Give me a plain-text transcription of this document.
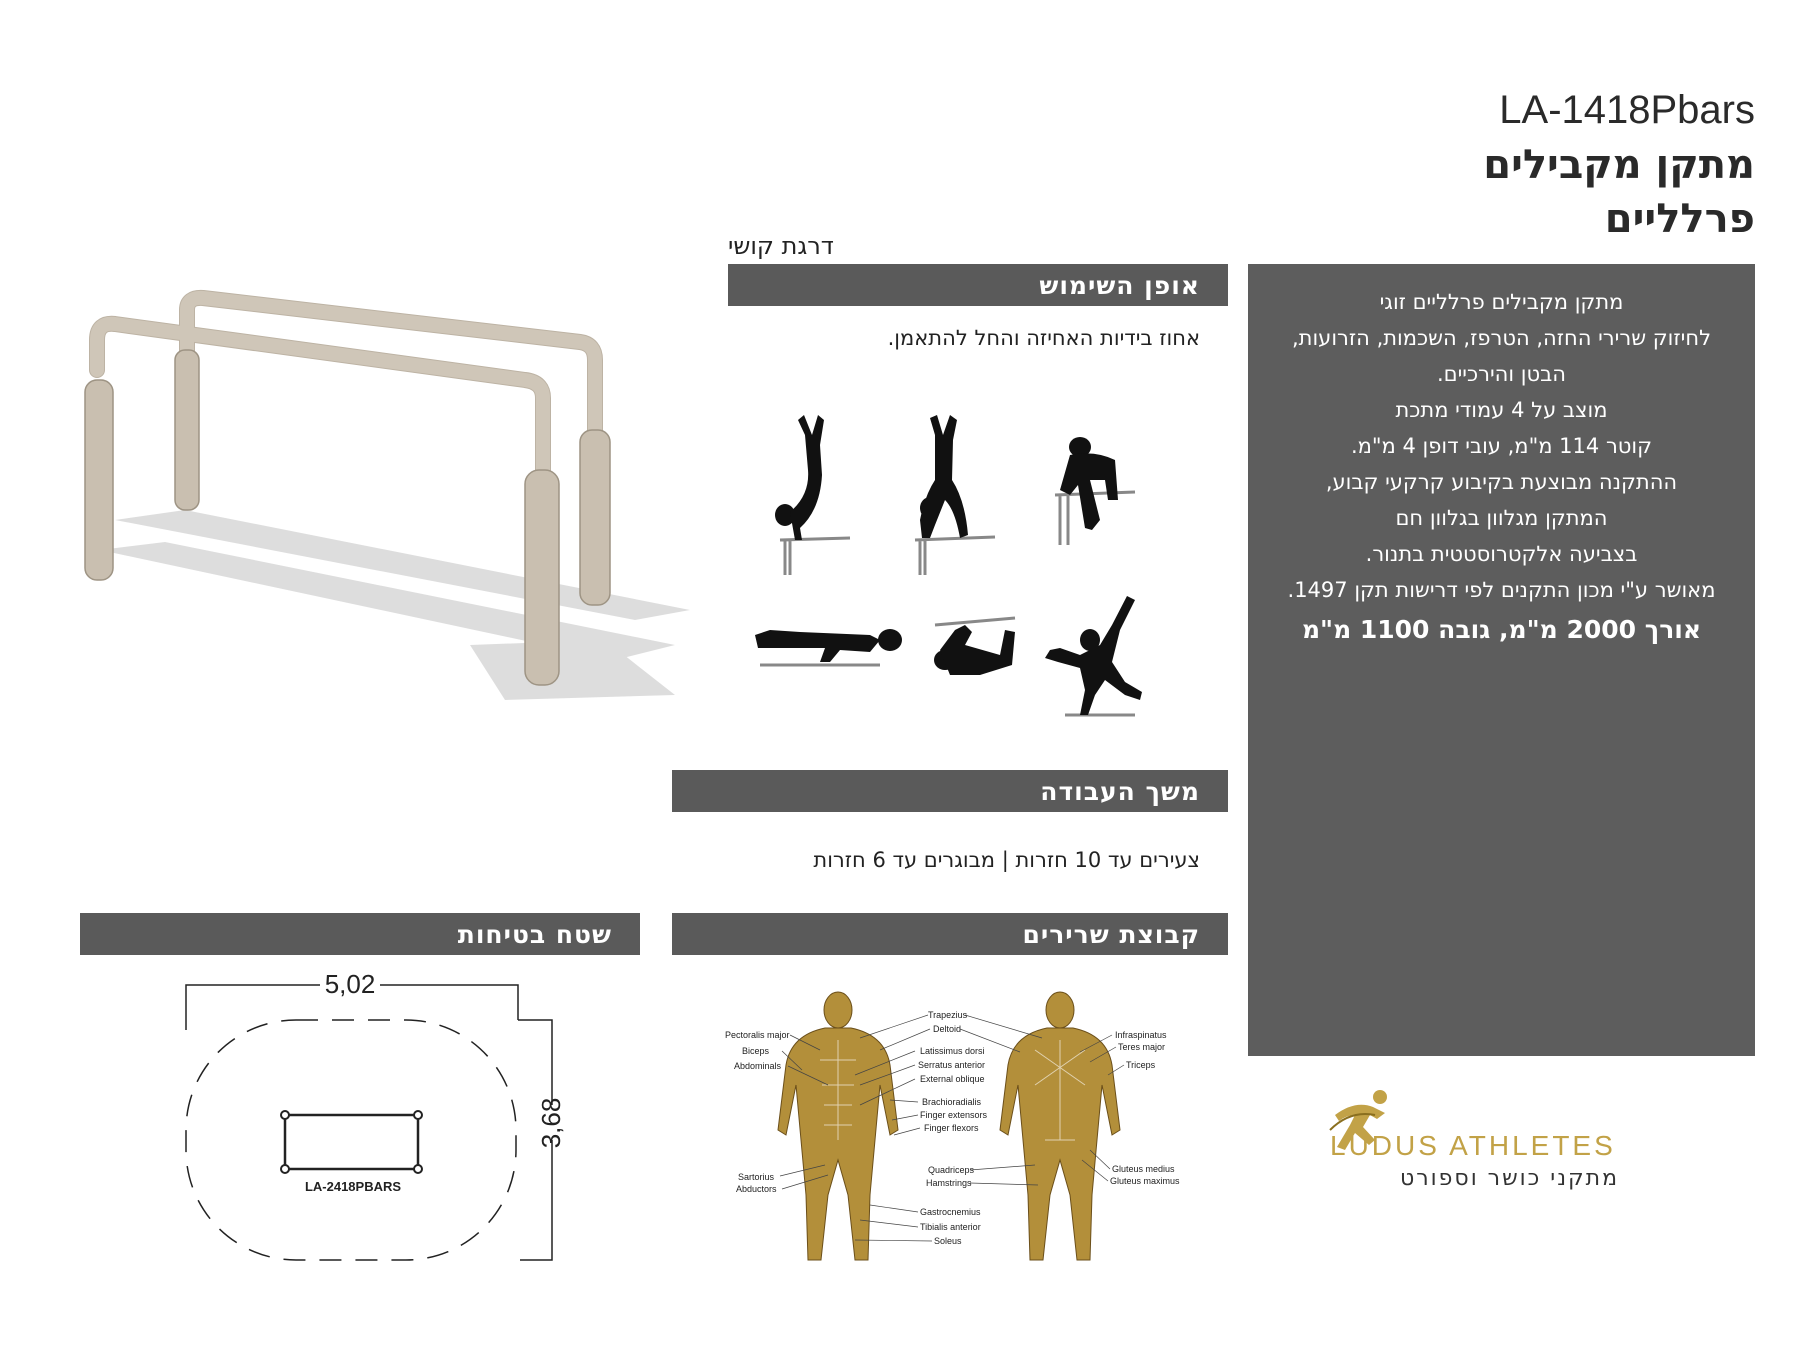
LA-1418Pbars
מתקן מקבילים
פרלליים
דרגת קושי
אופן השימוש
אחוז בידיות האחיזה והחל להתאמן.
משך העבודה
צעירים עד 10 חזרות | מבוגרים עד 6 חזרות
קבוצת שרירים
Pectoralis major
Biceps
Abdominals
Sartorius
Abductors
Trapezius
Deltoid
Latissimus dorsi
Serratus anterior
External oblique
Brachioradialis
Finger extensors
Finger flexors
Quadriceps
Hamstrings
Gastrocnemius
Tibialis anterior
Soleus
Infraspinatus
Teres major
Triceps
Gluteus medius
Gluteus maximus
שטח בטיחות
5,02
3,68
LA-2418PBARS
מתקן מקבילים פרלליים זוגי
לחיזוק שרירי החזה, הטרפז, השכמות, הזרועות,
הבטן והירכיים.
מוצב על 4 עמודי מתכת
קוטר 114 מ"מ, עובי דופן 4 מ"מ.
ההתקנה מבוצעת בקיבוע קרקעי קבוע,
המתקן מגלוון בגלוון חם
בצביעה אלקטרוסטטית בתנור.
מאושר ע"י מכון התקנים לפי דרישות תקן 1497.
אורך 2000 מ"מ, גובה 1100 מ"מ
LUDUS ATHLETES
מתקני כושר וספורט
